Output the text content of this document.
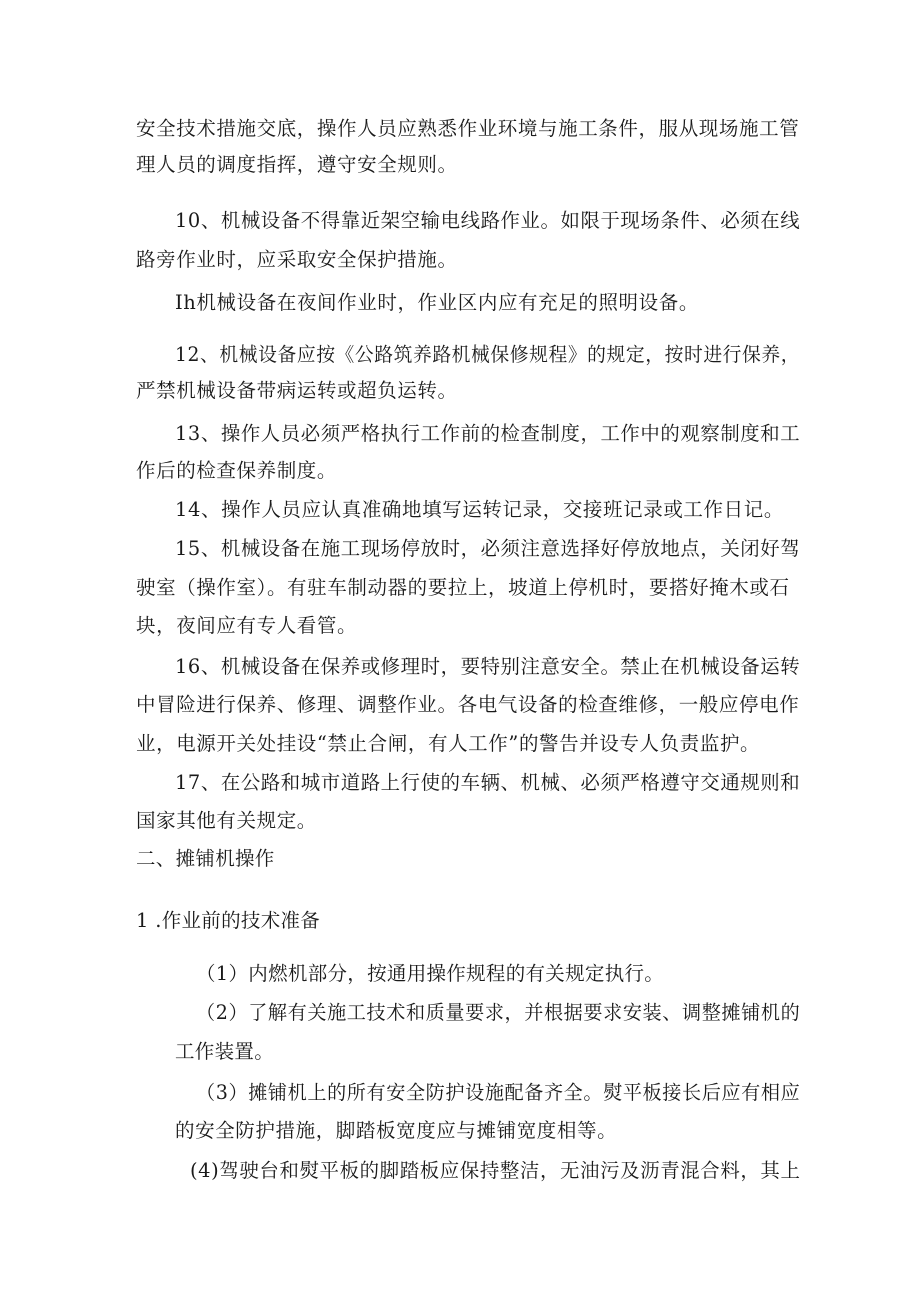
安全技术措施交底，操作人员应熟悉作业环境与施工条件，服从现场施工管
理人员的调度指挥，遵守安全规则。
10、机械设备不得靠近架空输电线路作业。如限于现场条件、必须在线
路旁作业时，应采取安全保护措施。
Ih机械设备在夜间作业时，作业区内应有充足的照明设备。
12、机械设备应按《公路筑养路机械保修规程》的规定，按时进行保养，
严禁机械设备带病运转或超负运转。
13、操作人员必须严格执行工作前的检查制度，工作中的观察制度和工
作后的检查保养制度。
14、操作人员应认真准确地填写运转记录，交接班记录或工作日记。
15、机械设备在施工现场停放时，必须注意选择好停放地点，关闭好驾
驶室（操作室）。有驻车制动器的要拉上，坡道上停机时，要搭好掩木或石
块，夜间应有专人看管。
16、机械设备在保养或修理时，要特别注意安全。禁止在机械设备运转
中冒险进行保养、修理、调整作业。各电气设备的检查维修，一般应停电作
业，电源开关处挂设“禁止合闸，有人工作”的警告并设专人负责监护。
17、在公路和城市道路上行使的车辆、机械、必须严格遵守交通规则和
国家其他有关规定。
二、摊铺机操作
1 .作业前的技术准备
（1）内燃机部分，按通用操作规程的有关规定执行。
（2）了解有关施工技术和质量要求，并根据要求安装、调整摊铺机的
工作装置。
（3）摊铺机上的所有安全防护设施配备齐全。熨平板接长后应有相应
的安全防护措施，脚踏板宽度应与摊铺宽度相等。
(4)驾驶台和熨平板的脚踏板应保持整洁，无油污及沥青混合料，其上
